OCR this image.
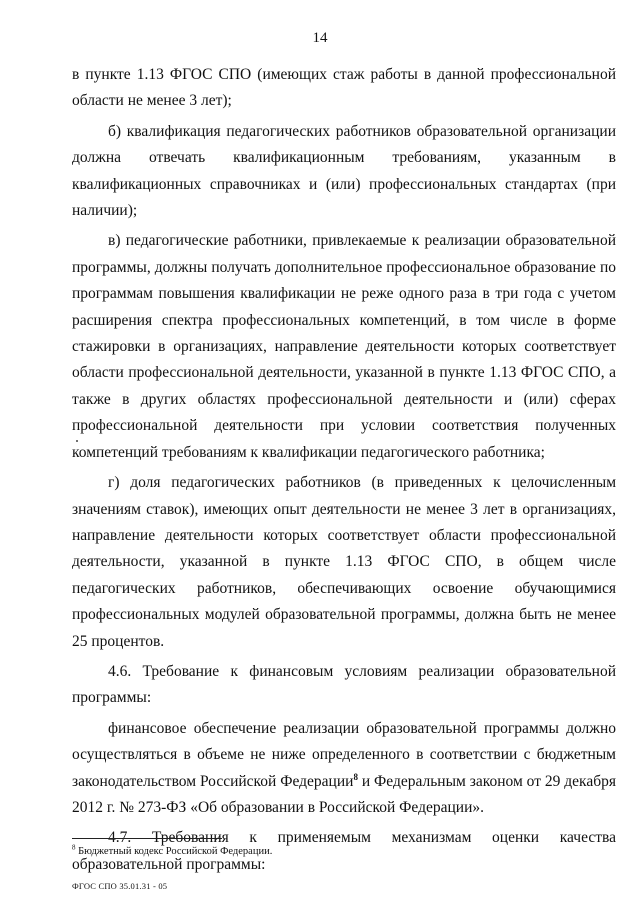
14

в пункте 1.13 ФГОС СПО (имеющих стаж работы в данной профессиональной области не менее 3 лет);

б) квалификация педагогических работников образовательной организации должна отвечать квалификационным требованиям, указанным в квалификационных справочниках и (или) профессиональных стандартах (при наличии);

в) педагогические работники, привлекаемые к реализации образовательной программы, должны получать дополнительное профессиональное образование по программам повышения квалификации не реже одного раза в три года с учетом расширения спектра профессиональных компетенций, в том числе в форме стажировки в организациях, направление деятельности которых соответствует области профессиональной деятельности, указанной в пункте 1.13 ФГОС СПО, а также в других областях профессиональной деятельности и (или) сферах профессиональной деятельности при условии соответствия полученных компетенций требованиям к квалификации педагогического работника;

г) доля педагогических работников (в приведенных к целочисленным значениям ставок), имеющих опыт деятельности не менее 3 лет в организациях, направление деятельности которых соответствует области профессиональной деятельности, указанной в пункте 1.13 ФГОС СПО, в общем числе педагогических работников, обеспечивающих освоение обучающимися профессиональных модулей образовательной программы, должна быть не менее 25 процентов.

4.6. Требование к финансовым условиям реализации образовательной программы:

финансовое обеспечение реализации образовательной программы должно осуществляться в объеме не ниже определенного в соответствии с бюджетным законодательством Российской Федерации$^8$ и Федеральным законом от 29 декабря 2012 г. № 273-ФЗ «Об образовании в Российской Федерации».

4.7. Требования к применяемым механизмам оценки качества образовательной программы:

$^8$ Бюджетный кодекс Российской Федерации.
ФГОС СПО 35.01.31 - 05
